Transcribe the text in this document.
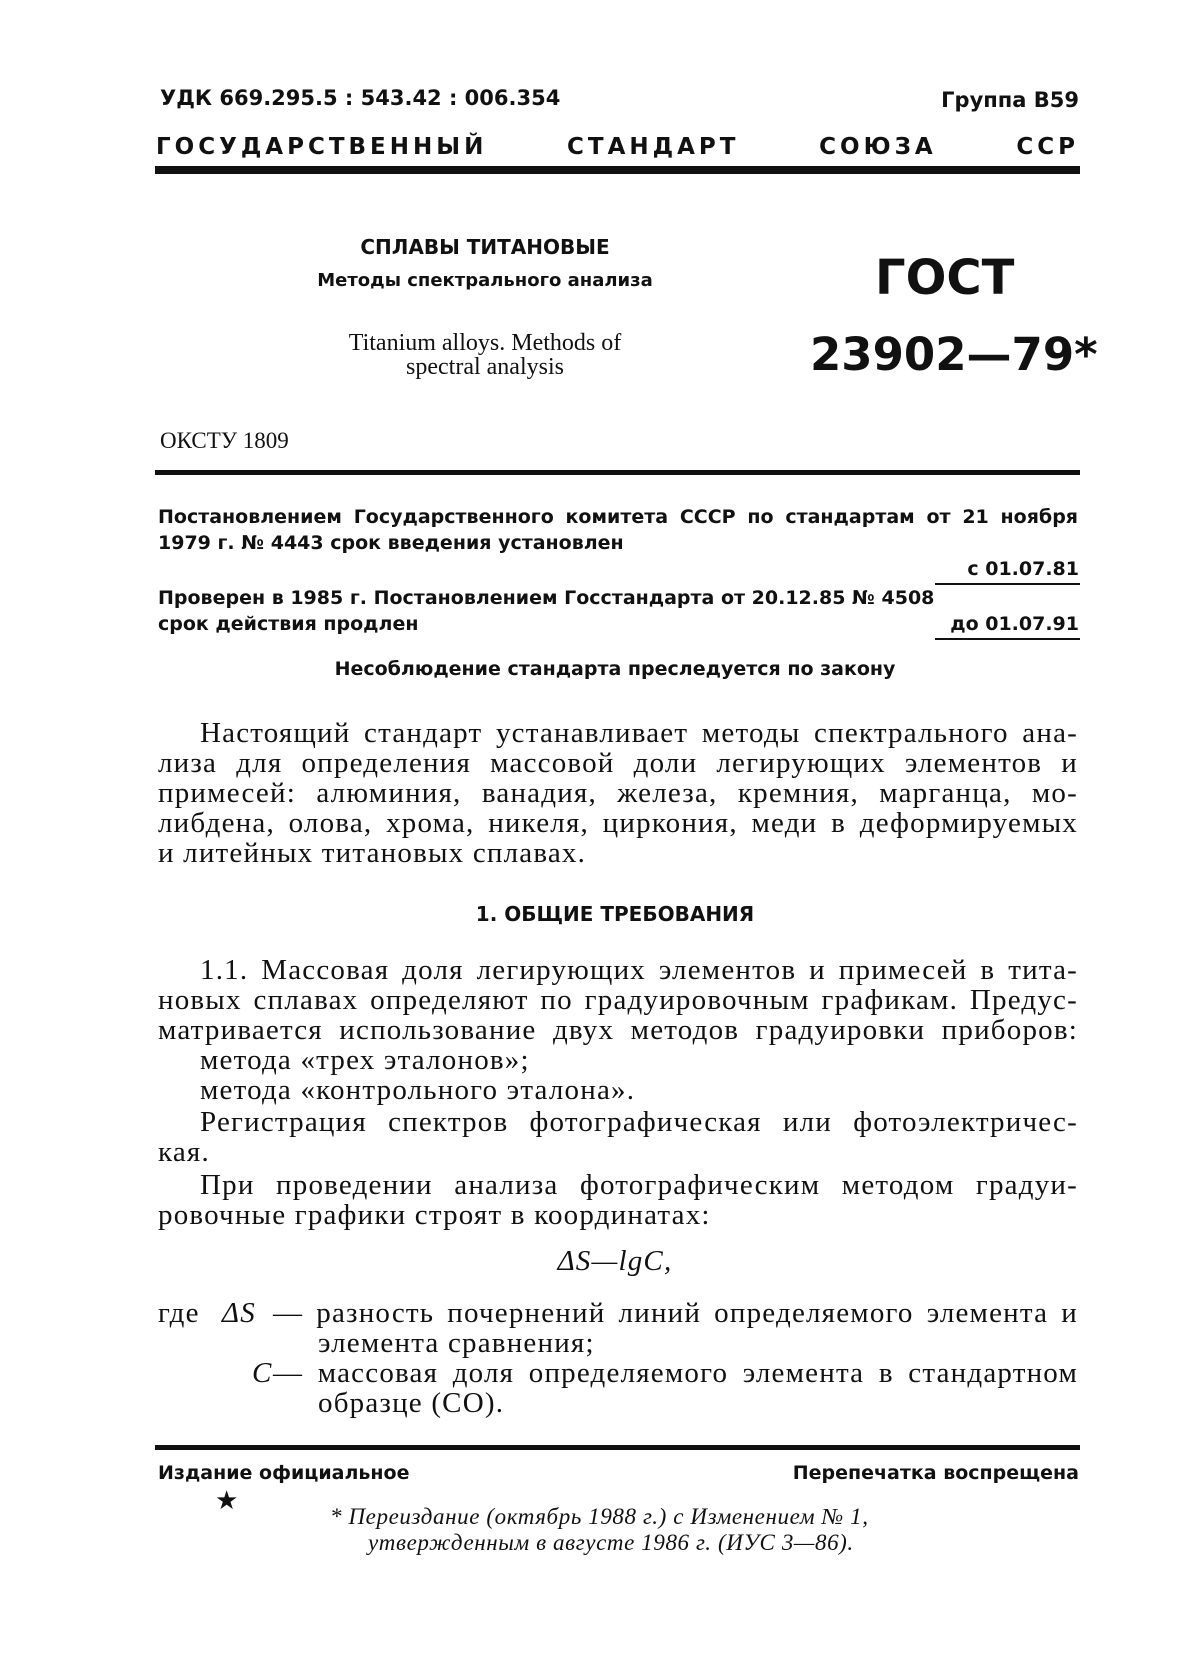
УДК 669.295.5 : 543.42 : 006.354	Группа В59
ГОСУДАРСТВЕННЫЙ СТАНДАРТ СОЮЗА ССР
СПЛАВЫ ТИТАНОВЫЕ
Методы спектрального анализа
Titanium alloys. Methods of
spectral analysis
ГОСТ
23902—79*
ОКСТУ 1809
Постановлением Государственного комитета СССР по стандартам от 21 ноября
1979 г. № 4443 срок введения установлен
с 01.07.81
Проверен в 1985 г. Постановлением Госстандарта от 20.12.85 № 4508
срок действия продлен	до 01.07.91
Несоблюдение стандарта преследуется по закону
Настоящий стандарт устанавливает методы спектрального ана-
лиза для определения массовой доли легирующих элементов и
примесей: алюминия, ванадия, железа, кремния, марганца, мо-
либдена, олова, хрома, никеля, циркония, меди в деформируемых
и литейных титановых сплавах.
1. ОБЩИЕ ТРЕБОВАНИЯ
1.1. Массовая доля легирующих элементов и примесей в тита-
новых сплавах определяют по градуировочным графикам. Предус-
матривается использование двух методов градуировки приборов:
метода «трех эталонов»;
метода «контрольного эталона».
Регистрация спектров фотографическая или фотоэлектричес-
кая.
При проведении анализа фотографическим методом градуи-
ровочные графики строят в координатах:
ΔS—lgC,
где ΔS — разность почернений линий определяемого элемента и
элемента сравнения;
C — массовая доля определяемого элемента в стандартном
образце (СО).
Издание официальное	Перепечатка воспрещена
★
* Переиздание (октябрь 1988 г.) с Изменением № 1,
утвержденным в августе 1986 г. (ИУС 3—86).
